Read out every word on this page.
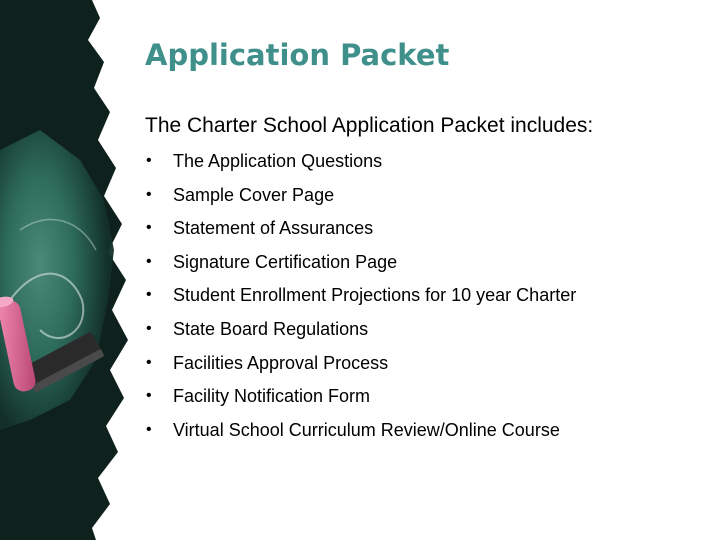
Application Packet

The Charter School Application Packet includes:

•	The Application Questions
•	Sample Cover Page
•	Statement of Assurances
•	Signature Certification Page
•	Student Enrollment Projections for 10 year Charter
•	State Board Regulations
•	Facilities Approval Process
•	Facility Notification Form
•	Virtual School Curriculum Review/Online Course
